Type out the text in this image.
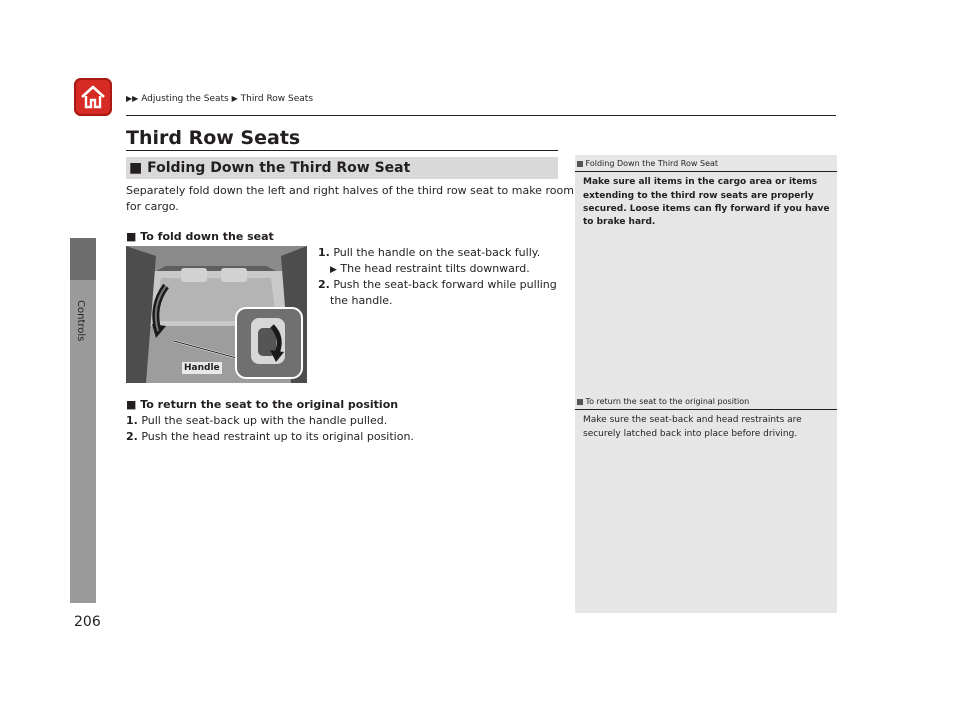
▶▶ Adjusting the Seats ▶ Third Row Seats
Controls
206
Third Row Seats
■ Folding Down the Third Row Seat
Separately fold down the left and right halves of the third row seat to make room
for cargo.
■ To fold down the seat
1. Pull the handle on the seat-back fully.
▶ The head restraint tilts downward.
2. Push the seat-back forward while pulling
the handle.
Handle
■ To return the seat to the original position
1. Pull the seat-back up with the handle pulled.
2. Push the head restraint up to its original position.
Folding Down the Third Row Seat
Make sure all items in the cargo area or items
extending to the third row seats are properly
secured. Loose items can fly forward if you have
to brake hard.
To return the seat to the original position
Make sure the seat-back and head restraints are
securely latched back into place before driving.
